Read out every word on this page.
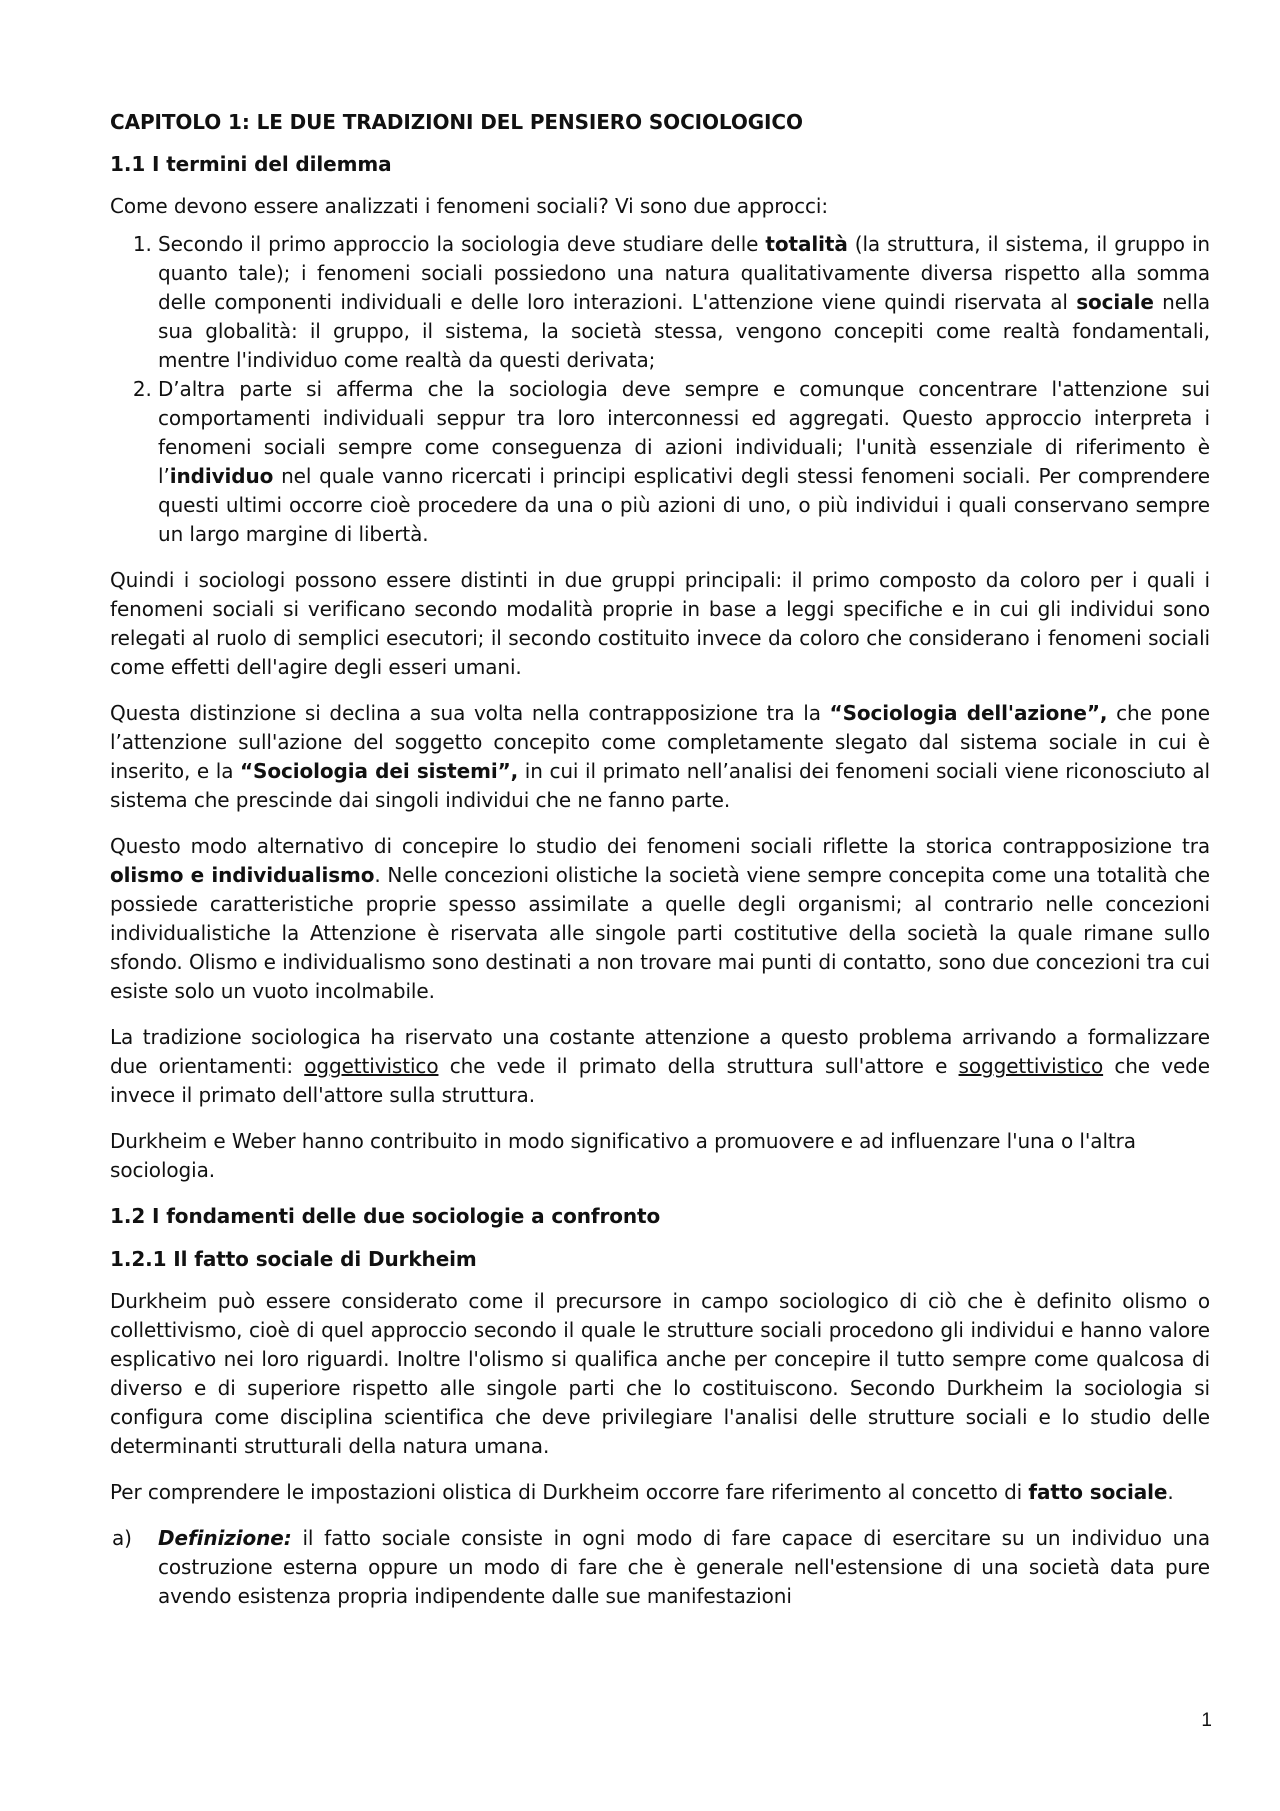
CAPITOLO 1: LE DUE TRADIZIONI DEL PENSIERO SOCIOLOGICO
1.1 I termini del dilemma
Come devono essere analizzati i fenomeni sociali? Vi sono due approcci:
1. Secondo il primo approccio la sociologia deve studiare delle totalità (la struttura, il sistema, il gruppo in quanto tale); i fenomeni sociali possiedono una natura qualitativamente diversa rispetto alla somma delle componenti individuali e delle loro interazioni. L'attenzione viene quindi riservata al sociale nella sua globalità: il gruppo, il sistema, la società stessa, vengono concepiti come realtà fondamentali, mentre l'individuo come realtà da questi derivata;
2. D’altra parte si afferma che la sociologia deve sempre e comunque concentrare l'attenzione sui comportamenti individuali seppur tra loro interconnessi ed aggregati. Questo approccio interpreta i fenomeni sociali sempre come conseguenza di azioni individuali; l'unità essenziale di riferimento è l’individuo nel quale vanno ricercati i principi esplicativi degli stessi fenomeni sociali. Per comprendere questi ultimi occorre cioè procedere da una o più azioni di uno, o più individui i quali conservano sempre un largo margine di libertà.
Quindi i sociologi possono essere distinti in due gruppi principali: il primo composto da coloro per i quali i fenomeni sociali si verificano secondo modalità proprie in base a leggi specifiche e in cui gli individui sono relegati al ruolo di semplici esecutori; il secondo costituito invece da coloro che considerano i fenomeni sociali come effetti dell'agire degli esseri umani.
Questa distinzione si declina a sua volta nella contrapposizione tra la “Sociologia dell'azione”, che pone l’attenzione sull'azione del soggetto concepito come completamente slegato dal sistema sociale in cui è inserito, e la “Sociologia dei sistemi”, in cui il primato nell’analisi dei fenomeni sociali viene riconosciuto al sistema che prescinde dai singoli individui che ne fanno parte.
Questo modo alternativo di concepire lo studio dei fenomeni sociali riflette la storica contrapposizione tra olismo e individualismo. Nelle concezioni olistiche la società viene sempre concepita come una totalità che possiede caratteristiche proprie spesso assimilate a quelle degli organismi; al contrario nelle concezioni individualistiche la Attenzione è riservata alle singole parti costitutive della società la quale rimane sullo sfondo. Olismo e individualismo sono destinati a non trovare mai punti di contatto, sono due concezioni tra cui esiste solo un vuoto incolmabile.
La tradizione sociologica ha riservato una costante attenzione a questo problema arrivando a formalizzare due orientamenti: oggettivistico che vede il primato della struttura sull'attore e soggettivistico che vede invece il primato dell'attore sulla struttura.
Durkheim e Weber hanno contribuito in modo significativo a promuovere e ad influenzare l'una o l'altra sociologia.
1.2 I fondamenti delle due sociologie a confronto
1.2.1 Il fatto sociale di Durkheim
Durkheim può essere considerato come il precursore in campo sociologico di ciò che è definito olismo o collettivismo, cioè di quel approccio secondo il quale le strutture sociali procedono gli individui e hanno valore esplicativo nei loro riguardi. Inoltre l'olismo si qualifica anche per concepire il tutto sempre come qualcosa di diverso e di superiore rispetto alle singole parti che lo costituiscono. Secondo Durkheim la sociologia si configura come disciplina scientifica che deve privilegiare l'analisi delle strutture sociali e lo studio delle determinanti strutturali della natura umana.
Per comprendere le impostazioni olistica di Durkheim occorre fare riferimento al concetto di fatto sociale.
a) Definizione: il fatto sociale consiste in ogni modo di fare capace di esercitare su un individuo una costruzione esterna oppure un modo di fare che è generale nell'estensione di una società data pure avendo esistenza propria indipendente dalle sue manifestazioni
1
